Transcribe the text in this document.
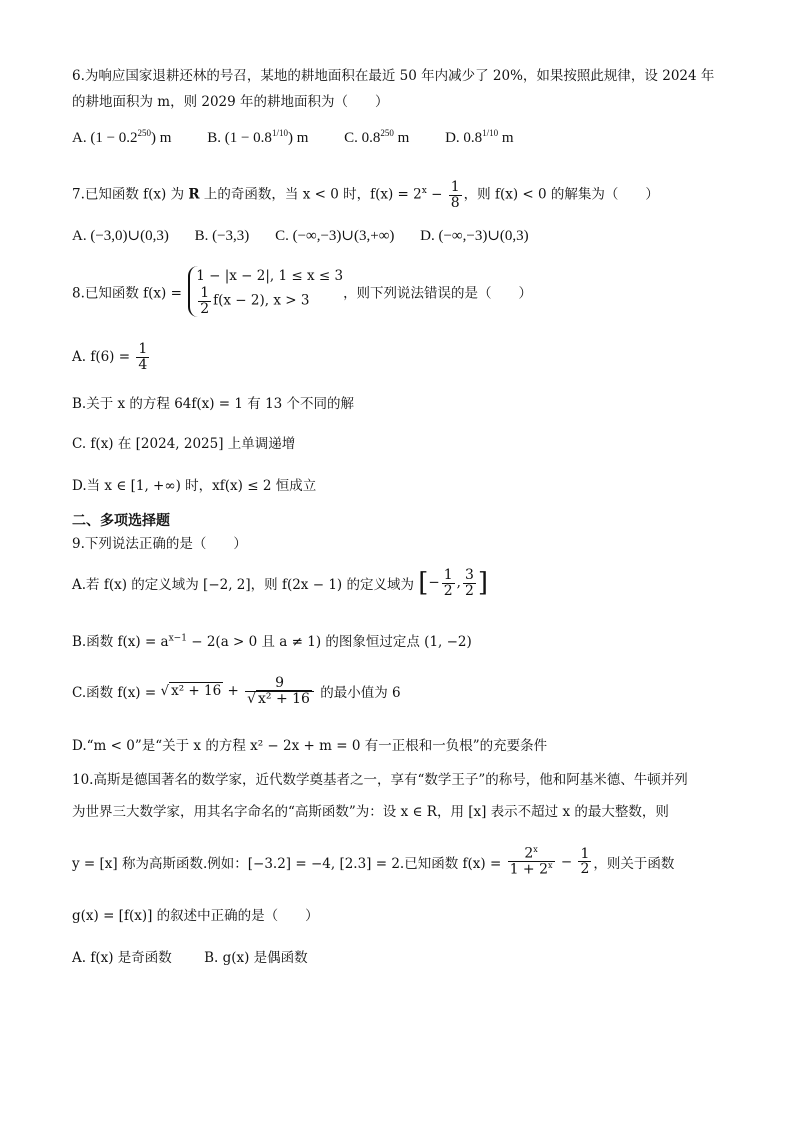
6.为响应国家退耕还林的号召，某地的耕地面积在最近 50 年内减少了 20%，如果按照此规律，设 2024 年
的耕地面积为 m，则 2029 年的耕地面积为（　　）
A. $(1 - 0.2^{250})$ m B. $(1 - 0.8^{1/10})$ m C. $0.8^{250}$ m D. $0.8^{1/10}$ m
7.已知函数 f(x) 为 R 上的奇函数，当 x < 0 时，$f(x) = 2^x - \frac{1}{8}$ ，则 f(x) < 0 的解集为（　　）
A. (−3,0)∪(0,3) B. (−3,3) C. (−∞,−3)∪(3,+∞) D. (−∞,−3)∪(0,3)
8.已知函数 f(x) =
1 − |x − 2|, 1 ≤ x ≤ 3
$\frac{1}{2} f(x - 2)$, x > 3	，则下列说法错误的是（　　）
A. $f(6) = \frac{1}{4}$
B.关于 x 的方程 64f(x) = 1 有 13 个不同的解
C. f(x) 在 [2024, 2025] 上单调递增
D.当 x ∈ [1, +∞) 时，xf(x) ≤ 2 恒成立
二、多项选择题
9.下列说法正确的是（　　）
A.若 f(x) 的定义域为 [−2, 2]，则 f(2x − 1) 的定义域为 [− $\frac{1}{2}$ , $\frac{3}{2}$ ]
B.函数 $f(x) = a^{x-1} - 2(a > 0$ 且 a ≠ 1) 的图象恒过定点 (1, −2)
C.函数 f(x) = √ $x^2 + 16 + \frac{9}{\text{√ x² + 16}}$ 的最小值为 6
D.“m < 0”是“关于 x 的方程 x² − 2x + m = 0 有一正根和一负根”的充要条件
10.高斯是德国著名的数学家，近代数学奠基者之一，享有“数学王子”的称号，他和阿基米德、牛顿并列
为世界三大数学家，用其名字命名的“高斯函数”为：设 x ∈ R，用 [x] 表示不超过 x 的最大整数，则
y = [x] 称为高斯函数.例如：[−3.2] = −4, [2.3] = 2.已知函数 $f(x) = \frac{2^x}{1 + 2^x} - \frac{1}{2}$ ，则关于函数
g(x) = [f(x)] 的叙述中正确的是（　　）
A. f(x) 是奇函数 B. g(x) 是偶函数
